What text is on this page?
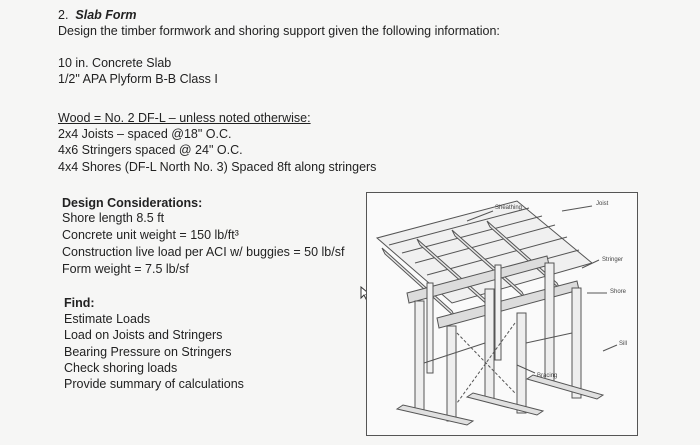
2. Slab Form
Design the timber formwork and shoring support given the following information:
10 in. Concrete Slab
1/2" APA Plyform B-B Class I
Wood = No. 2 DF-L – unless noted otherwise:
2x4 Joists – spaced @18" O.C.
4x6 Stringers spaced @ 24" O.C.
4x4 Shores (DF-L North No. 3) Spaced 8ft along stringers
Design Considerations:
Shore length 8.5 ft
Concrete unit weight = 150 lb/ft³
Construction live load per ACI w/ buggies = 50 lb/sf
Form weight = 7.5 lb/sf
Find:
Estimate Loads
Load on Joists and Stringers
Bearing Pressure on Stringers
Check shoring loads
Provide summary of calculations
Sheathing
Joist
Stringer
Shore
Sill
Bracing
